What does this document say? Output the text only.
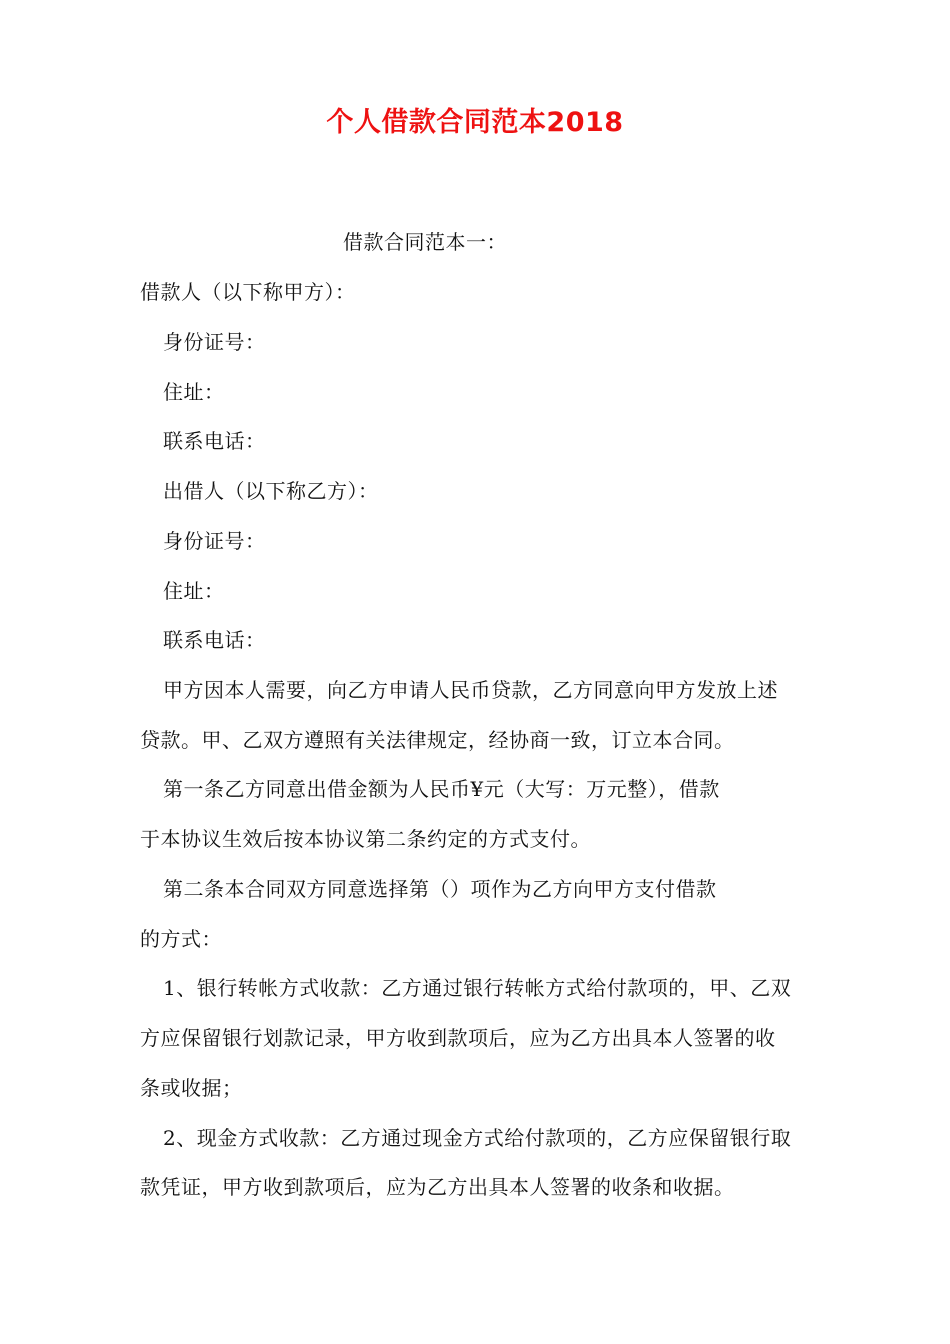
个人借款合同范本2018
借款合同范本一：
借款人（以下称甲方）：
身份证号：
住址：
联系电话：
出借人（以下称乙方）：
身份证号：
住址：
联系电话：
甲方因本人需要，向乙方申请人民币贷款，乙方同意向甲方发放上述
贷款。甲、乙双方遵照有关法律规定，经协商一致，订立本合同。
第一条乙方同意出借金额为人民币¥元（大写：万元整），借款
于本协议生效后按本协议第二条约定的方式支付。
第二条本合同双方同意选择第（）项作为乙方向甲方支付借款
的方式：
1、银行转帐方式收款：乙方通过银行转帐方式给付款项的，甲、乙双
方应保留银行划款记录，甲方收到款项后，应为乙方出具本人签署的收
条或收据；
2、现金方式收款：乙方通过现金方式给付款项的，乙方应保留银行取
款凭证，甲方收到款项后，应为乙方出具本人签署的收条和收据。
